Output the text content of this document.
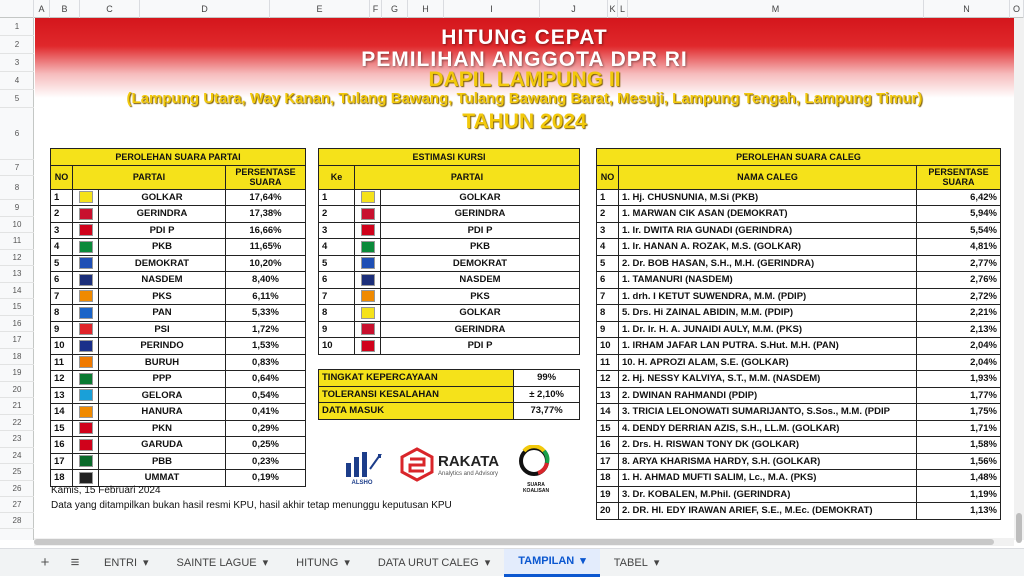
A	B	C	D	E	F	G	H	I	J	K L	M	N	O
1
2
3
4
5
6
7
8
9
10
11
12
13
14
15
16
17
18
19
20
21
22
23
24
25
26
27
28
HITUNG CEPAT
PEMILIHAN ANGGOTA DPR RI
DAPIL LAMPUNG II
(Lampung Utara, Way Kanan, Tulang Bawang, Tulang Bawang Barat, Mesuji, Lampung Tengah, Lampung Timur)
TAHUN 2024
PEROLEHAN SUARA PARTAI			
NO	PARTAI		PERSENTASE SUARA
1		GOLKAR	17,64%
2		GERINDRA	17,38%
3		PDI P	16,66%
4		PKB	11,65%
5		DEMOKRAT	10,20%
6		NASDEM	8,40%
7		PKS	6,11%
8		PAN	5,33%
9		PSI	1,72%
10		PERINDO	1,53%
11		BURUH	0,83%
12		PPP	0,64%
13		GELORA	0,54%
14		HANURA	0,41%
15		PKN	0,29%
16		GARUDA	0,25%
17		PBB	0,23%
18		UMMAT	0,19%
ESTIMASI KURSI		
Ke	PARTAI	
1		GOLKAR
2		GERINDRA
3		PDI P
4		PKB
5		DEMOKRAT
6		NASDEM
7		PKS
8		GOLKAR
9		GERINDRA
10		PDI P
TINGKAT KEPERCAYAAN	99%
TOLERANSI KESALAHAN	± 2,10%
DATA MASUK	73,77%
ALSHO
RAKATA
Analytics and Advisory
SUARA KOALISAN
PEROLEHAN SUARA CALEG		
NO	NAMA CALEG	PERSENTASE SUARA
1	1. Hj. CHUSNUNIA, M.Si (PKB)	6,42%
2	1. MARWAN CIK ASAN (DEMOKRAT)	5,94%
3	1. Ir. DWITA RIA GUNADI (GERINDRA)	5,54%
4	1. Ir. HANAN A. ROZAK, M.S. (GOLKAR)	4,81%
5	2. Dr. BOB HASAN, S.H., M.H. (GERINDRA)	2,77%
6	1. TAMANURI (NASDEM)	2,76%
7	1. drh. I KETUT SUWENDRA, M.M. (PDIP)	2,72%
8	5. Drs. Hi ZAINAL ABIDIN, M.M. (PDIP)	2,21%
9	1. Dr. Ir. H. A. JUNAIDI AULY, M.M. (PKS)	2,13%
10	1. IRHAM JAFAR LAN PUTRA. S.Hut. M.H. (PAN)	2,04%
11	10. H. APROZI ALAM, S.E. (GOLKAR)	2,04%
12	2. Hj. NESSY KALVIYA, S.T., M.M. (NASDEM)	1,93%
13	2. DWINAN RAHMANDI (PDIP)	1,77%
14	3. TRICIA LELONOWATI SUMARIJANTO, S.Sos., M.M. (PDIP	1,75%
15	4. DENDY DERRIAN AZIS, S.H., LL.M. (GOLKAR)	1,71%
16	2. Drs. H. RISWAN TONY DK (GOLKAR)	1,58%
17	8. ARYA KHARISMA HARDY, S.H. (GOLKAR)	1,56%
18	1. H. AHMAD MUFTI SALIM, Lc., M.A. (PKS)	1,48%
19	3. Dr. KOBALEN, M.Phil. (GERINDRA)	1,19%
20	2. DR. HI. EDY IRAWAN ARIEF, S.E., M.Ec. (DEMOKRAT)	1,13%
Kamis, 15 Februari 2024
Data yang ditampilkan bukan hasil resmi KPU, hasil akhir tetap menunggu keputusan KPU
+	≡	ENTRI ▾	SAINTE LAGUE ▾	HITUNG ▾	DATA URUT CALEG ▾	TAMPILAN ▾	TABEL ▾
